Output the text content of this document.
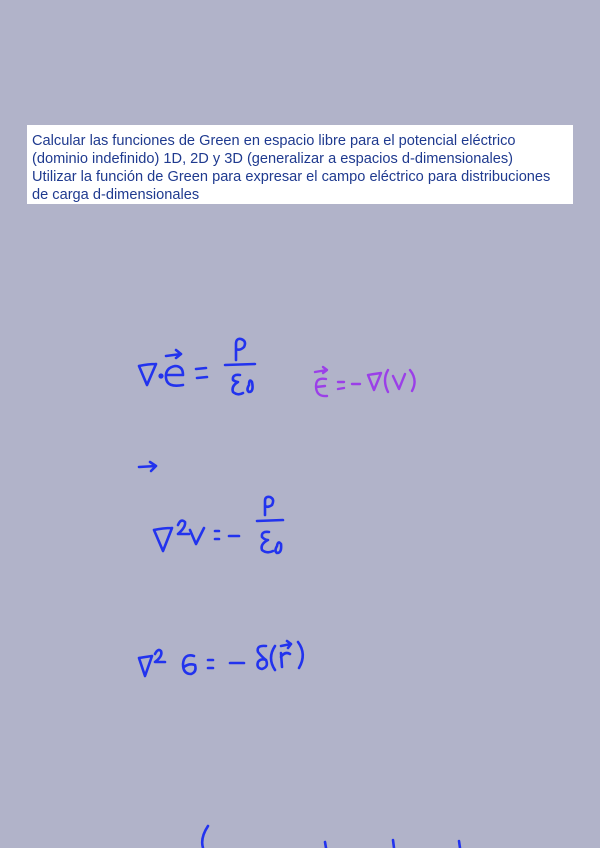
Calcular las funciones de Green en espacio libre para el potencial eléctrico
(dominio indefinido) 1D, 2D y 3D (generalizar a espacios d-dimensionales)
Utilizar la función de Green para expresar el campo eléctrico para distribuciones
de carga d-dimensionales
